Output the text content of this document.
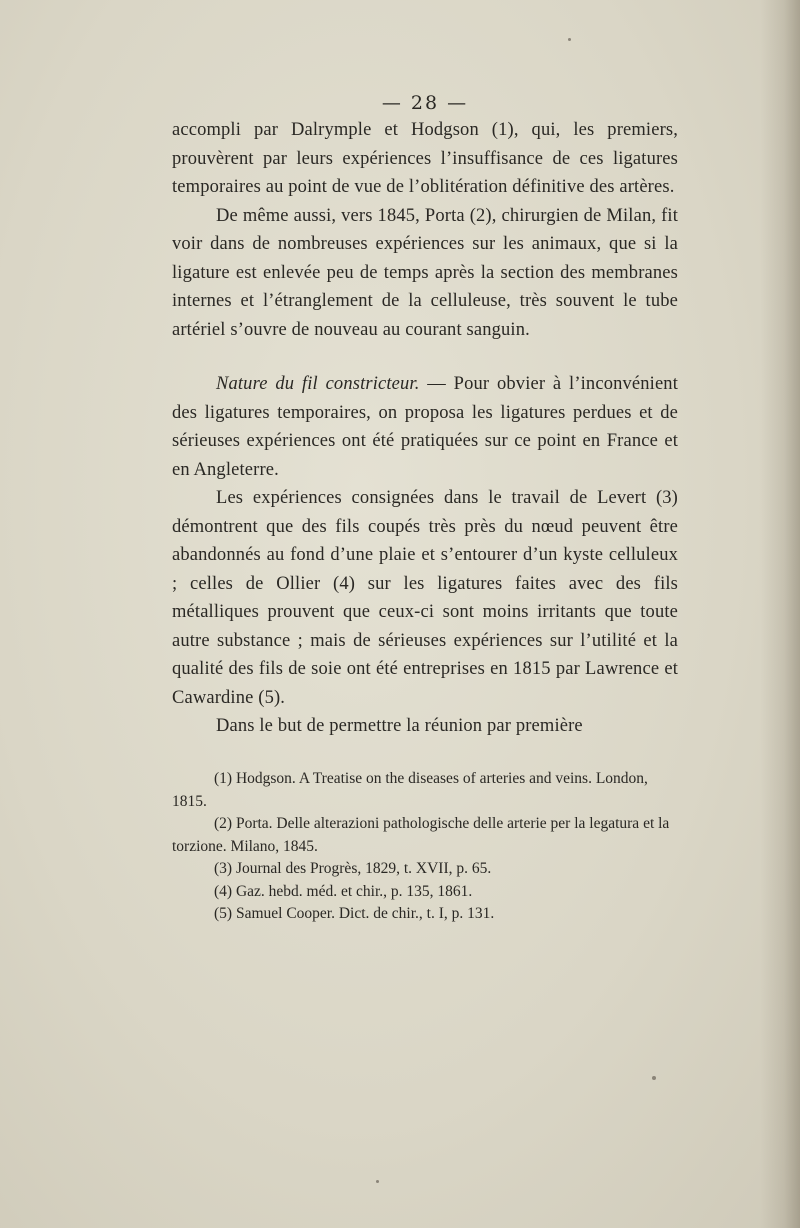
— 28 —

accompli par Dalrymple et Hodgson (1), qui, les premiers, prouvèrent par leurs expériences l’insuffisance de ces ligatures temporaires au point de vue de l’oblitération définitive des artères.

De même aussi, vers 1845, Porta (2), chirurgien de Milan, fit voir dans de nombreuses expériences sur les animaux, que si la ligature est enlevée peu de temps après la section des membranes internes et l’étranglement de la celluleuse, très souvent le tube artériel s’ouvre de nouveau au courant sanguin.

Nature du fil constricteur. — Pour obvier à l’inconvénient des ligatures temporaires, on proposa les ligatures perdues et de sérieuses expériences ont été pratiquées sur ce point en France et en Angleterre.

Les expériences consignées dans le travail de Levert (3) démontrent que des fils coupés très près du nœud peuvent être abandonnés au fond d’une plaie et s’entourer d’un kyste celluleux ; celles de Ollier (4) sur les ligatures faites avec des fils métalliques prouvent que ceux-ci sont moins irritants que toute autre substance ; mais de sérieuses expériences sur l’utilité et la qualité des fils de soie ont été entreprises en 1815 par Lawrence et Cawardine (5).

Dans le but de permettre la réunion par première

(1) Hodgson. A Treatise on the diseases of arteries and veins. London, 1815.

(2) Porta. Delle alterazioni pathologische delle arterie per la legatura et la torzione. Milano, 1845.

(3) Journal des Progrès, 1829, t. XVII, p. 65.

(4) Gaz. hebd. méd. et chir., p. 135, 1861.

(5) Samuel Cooper. Dict. de chir., t. I, p. 131.
